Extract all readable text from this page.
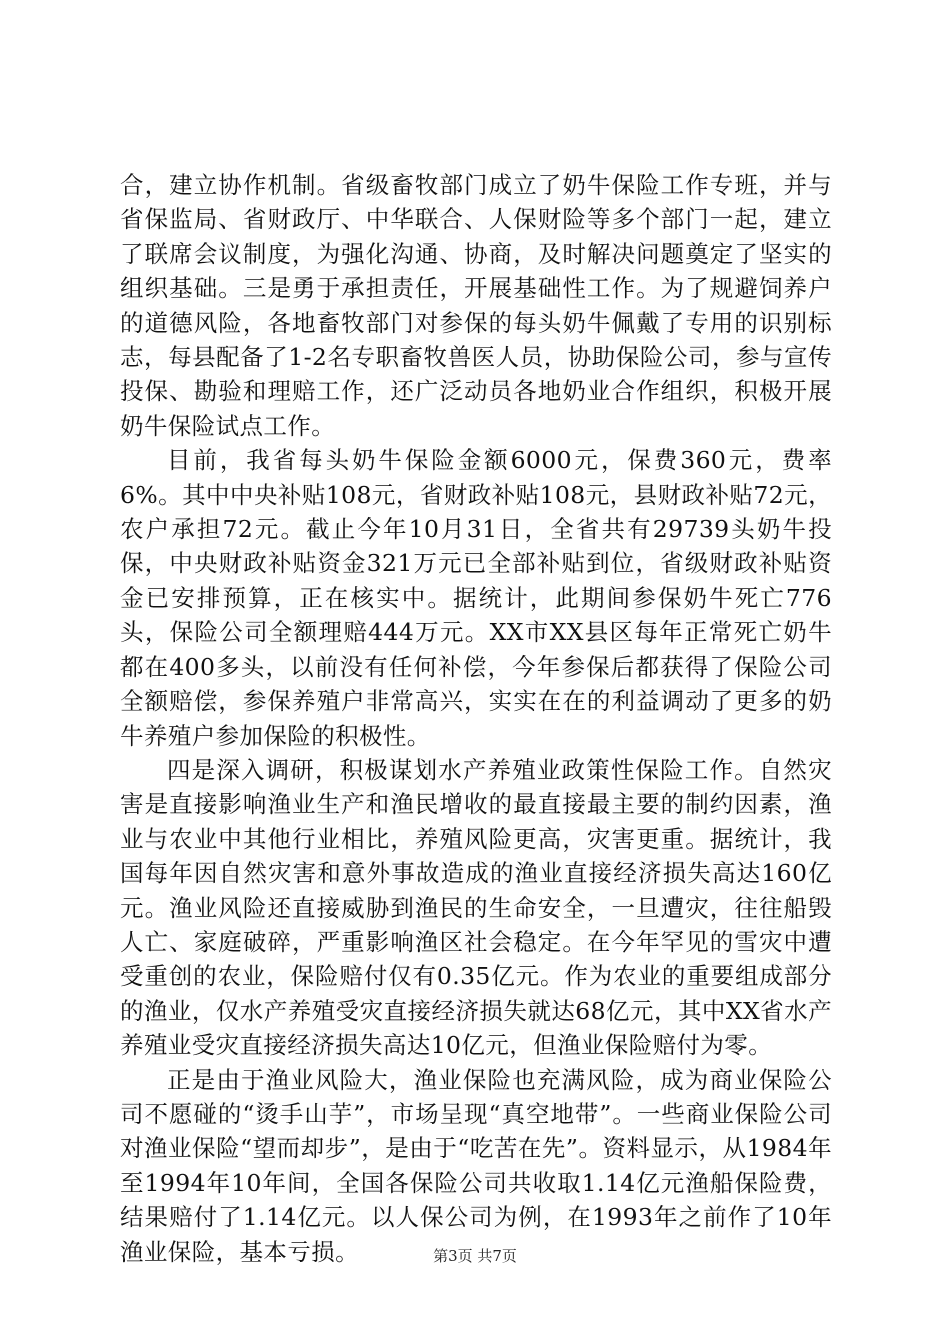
合，建立协作机制。省级畜牧部门成立了奶牛保险工作专班，并与省保监局、省财政厅、中华联合、人保财险等多个部门一起，建立了联席会议制度，为强化沟通、协商，及时解决问题奠定了坚实的组织基础。三是勇于承担责任，开展基础性工作。为了规避饲养户的道德风险，各地畜牧部门对参保的每头奶牛佩戴了专用的识别标志，每县配备了1-2名专职畜牧兽医人员，协助保险公司，参与宣传投保、勘验和理赔工作，还广泛动员各地奶业合作组织，积极开展奶牛保险试点工作。

目前，我省每头奶牛保险金额6000元，保费360元，费率6%。其中中央补贴108元，省财政补贴108元，县财政补贴72元，农户承担72元。截止今年10月31日，全省共有29739头奶牛投保，中央财政补贴资金321万元已全部补贴到位，省级财政补贴资金已安排预算，正在核实中。据统计，此期间参保奶牛死亡776头，保险公司全额理赔444万元。XX市XX县区每年正常死亡奶牛都在400多头，以前没有任何补偿，今年参保后都获得了保险公司全额赔偿，参保养殖户非常高兴，实实在在的利益调动了更多的奶牛养殖户参加保险的积极性。

四是深入调研，积极谋划水产养殖业政策性保险工作。自然灾害是直接影响渔业生产和渔民增收的最直接最主要的制约因素，渔业与农业中其他行业相比，养殖风险更高，灾害更重。据统计，我国每年因自然灾害和意外事故造成的渔业直接经济损失高达160亿元。渔业风险还直接威胁到渔民的生命安全，一旦遭灾，往往船毁人亡、家庭破碎，严重影响渔区社会稳定。在今年罕见的雪灾中遭受重创的农业，保险赔付仅有0.35亿元。作为农业的重要组成部分的渔业，仅水产养殖受灾直接经济损失就达68亿元，其中XX省水产养殖业受灾直接经济损失高达10亿元，但渔业保险赔付为零。

正是由于渔业风险大，渔业保险也充满风险，成为商业保险公司不愿碰的“烫手山芋”，市场呈现“真空地带”。一些商业保险公司对渔业保险“望而却步”，是由于“吃苦在先”。资料显示，从1984年至1994年10年间，全国各保险公司共收取1.14亿元渔船保险费，结果赔付了1.14亿元。以人保公司为例，在1993年之前作了10年渔业保险，基本亏损。	第3页 共7页
